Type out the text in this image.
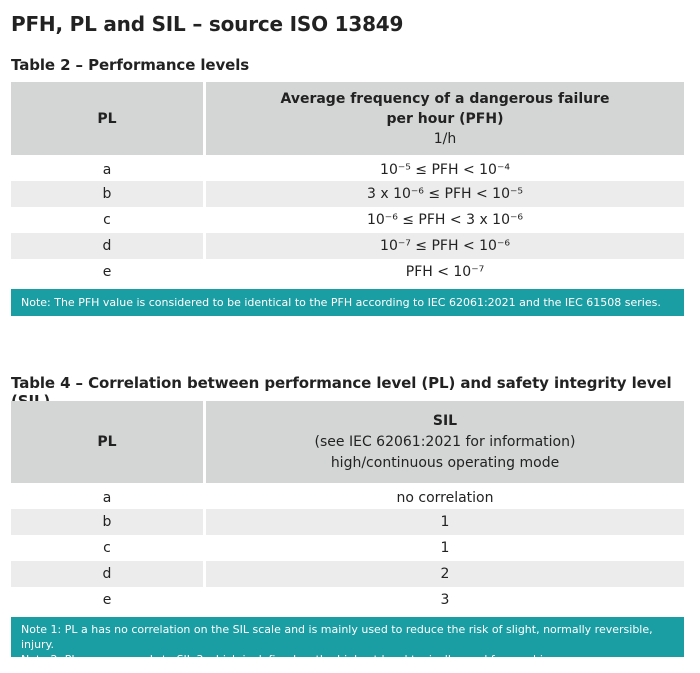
PFH, PL and SIL – source ISO 13849
Table 2 – Performance levels
PL	Average frequency of a dangerous failure
per hour (PFH)
1/h

a	10⁻⁵ ≤ PFH < 10⁻⁴
b	3 x 10⁻⁶ ≤ PFH < 10⁻⁵
c	10⁻⁶ ≤ PFH < 3 x 10⁻⁶
d	10⁻⁷ ≤ PFH < 10⁻⁶
e	PFH < 10⁻⁷
Note: The PFH value is considered to be identical to the PFH according to IEC 62061:2021 and the IEC 61508 series.
Table 4 – Correlation between performance level (PL) and safety integrity level
PL	SIL
(see IEC 62061:2021 for information)
high/continuous operating mode

a	no correlation
b	1
c	1
d	2
e	3
Note 1: PL a has no correlation on the SIL scale and is mainly used to reduce the risk of slight, normally reversible, injury.
Note 2: PL e corresponds to SIL 3 which is defined as the highest level typically used for machinery.
